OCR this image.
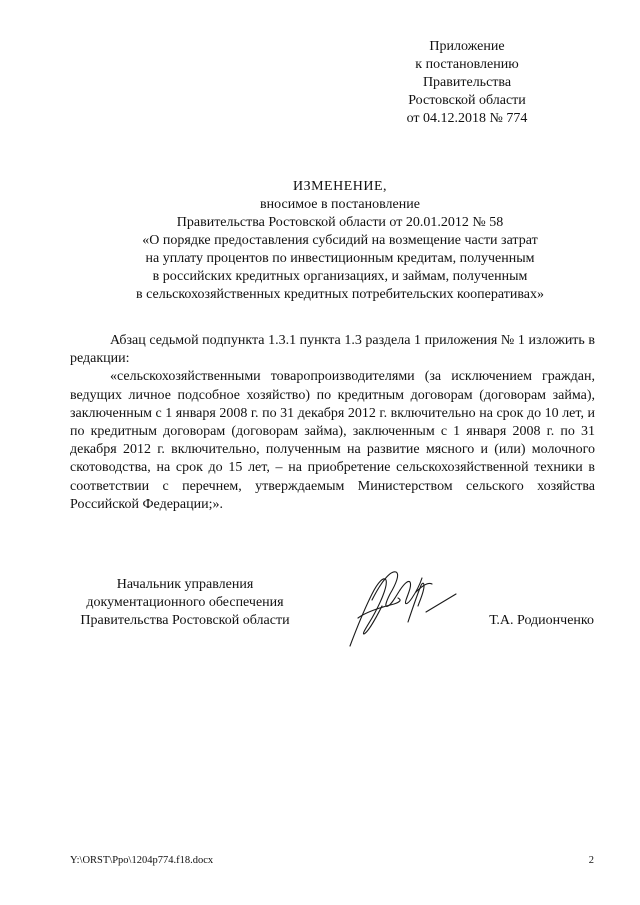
Приложение
к постановлению
Правительства
Ростовской области
от 04.12.2018 № 774
ИЗМЕНЕНИЕ,
вносимое в постановление
Правительства Ростовской области от 20.01.2012 № 58
«О порядке предоставления субсидий на возмещение части затрат
на уплату процентов по инвестиционным кредитам, полученным
в российских кредитных организациях, и займам, полученным
в сельскохозяйственных кредитных потребительских кооперативах»

Абзац седьмой подпункта 1.3.1 пункта 1.3 раздела 1 приложения № 1 изложить в редакции:

«сельскохозяйственными товаропроизводителями (за исключением граждан, ведущих личное подсобное хозяйство) по кредитным договорам (договорам займа), заключенным с 1 января 2008 г. по 31 декабря 2012 г. включительно на срок до 10 лет, и по кредитным договорам (договорам займа), заключенным с 1 января 2008 г. по 31 декабря 2012 г. включительно, полученным на развитие мясного и (или) молочного скотоводства, на срок до 15 лет, – на приобретение сельскохозяйственной техники в соответствии с перечнем, утверждаемым Министерством сельского хозяйства Российской Федерации;».

Начальник управления
документационного обеспечения
Правительства Ростовской области	Т.А. Родионченко
Y:\ORST\Ppo\1204p774.f18.docx	2
